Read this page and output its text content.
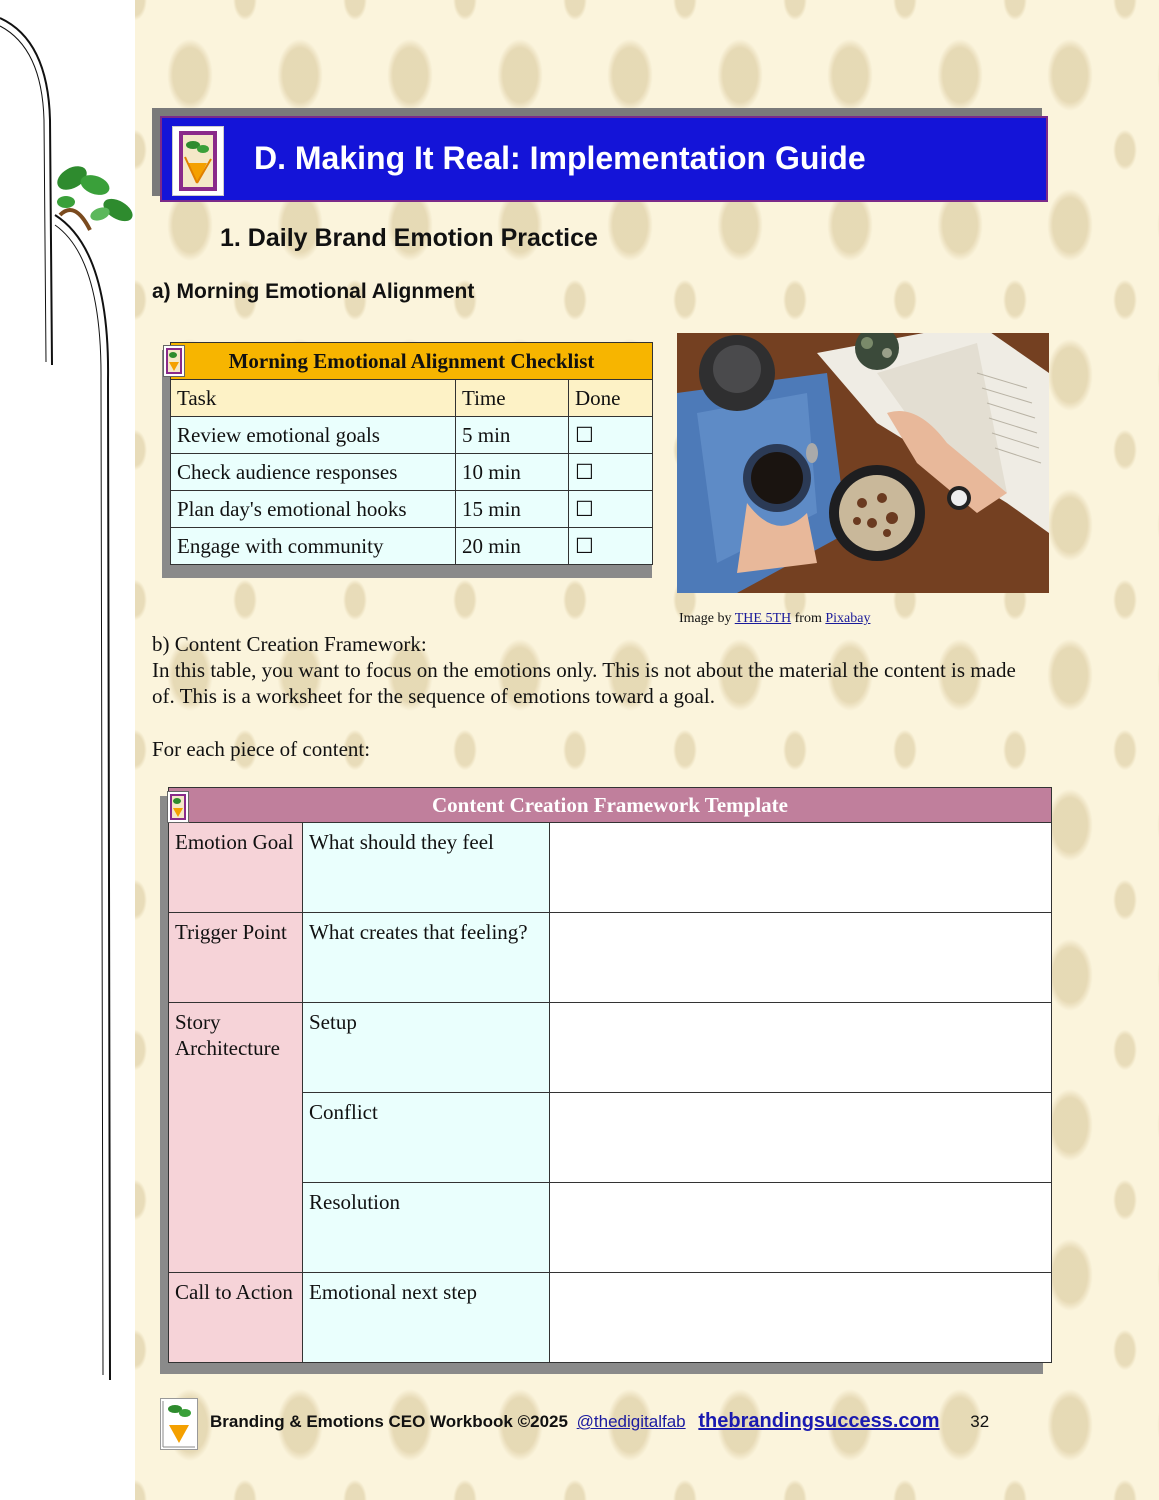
D. Making It Real: Implementation Guide
1. Daily Brand Emotion Practice
a) Morning Emotional Alignment
Morning Emotional Alignment Checklist		
Task	Time	Done
Review emotional goals	5 min	☐
Check audience responses	10 min	☐
Plan day's emotional hooks	15 min	☐
Engage with community	20 min	☐
Image by THE 5TH from Pixabay
b) Content Creation Framework:
In this table, you want to focus on the emotions only. This is not about the material the content is made of. This is a worksheet for the sequence of emotions toward a goal.
For each piece of content:
Content Creation Framework Template		
Emotion Goal	What should they feel	
Trigger Point	What creates that feeling?	
Story Architecture	Setup	
	Conflict	
	Resolution	
Call to Action	Emotional next step	
Branding & Emotions CEO Workbook ©2025 @thedigitalfab thebrandingsuccess.com 32
